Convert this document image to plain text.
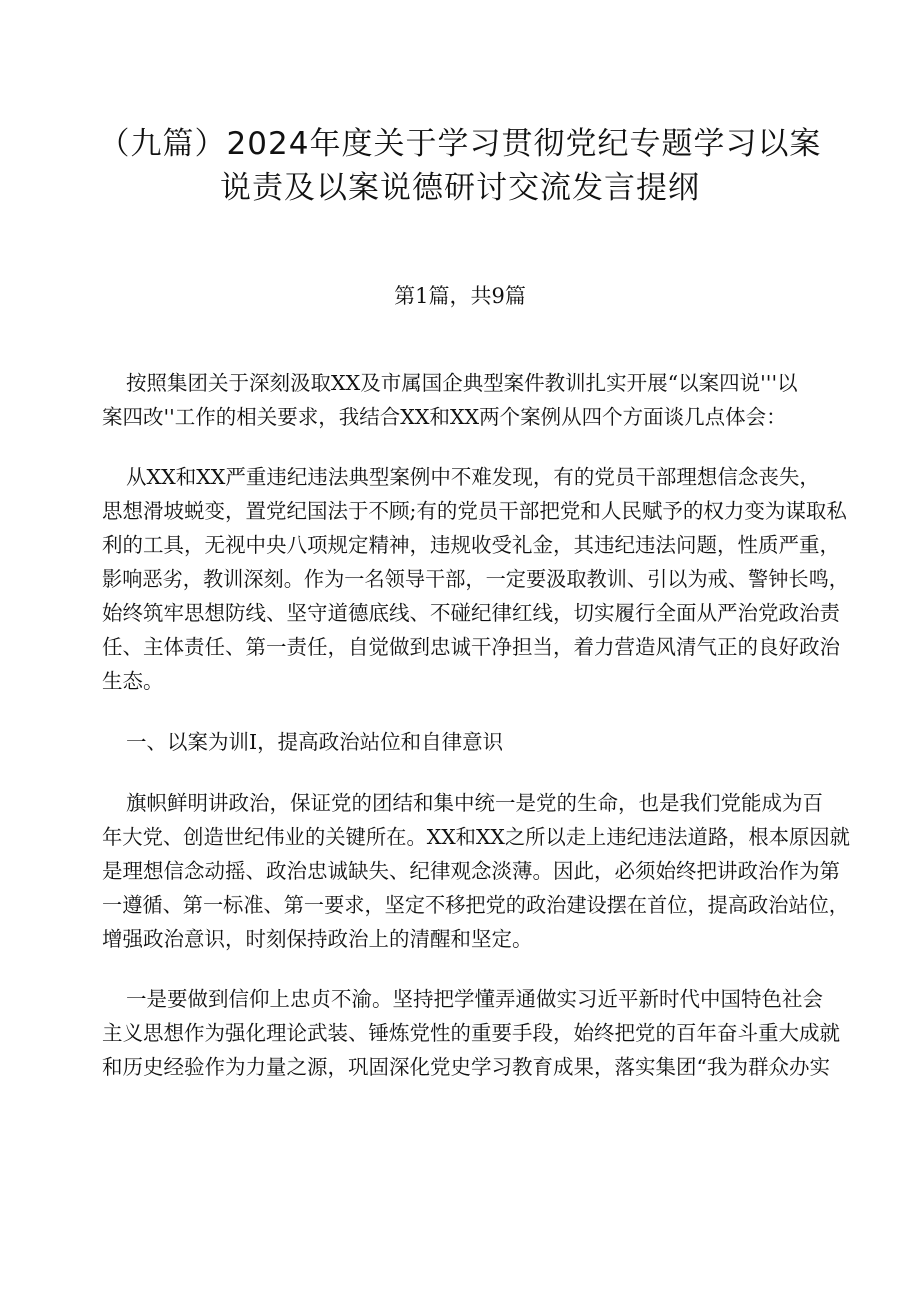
（九篇）2024年度关于学习贯彻党纪专题学习以案
说责及以案说德研讨交流发言提纲
第1篇，共9篇
按照集团关于深刻汲取XX及市属国企典型案件教训扎实开展“以案四说'''以
案四改''工作的相关要求，我结合XX和XX两个案例从四个方面谈几点体会：
从XX和XX严重违纪违法典型案例中不难发现，有的党员干部理想信念丧失，
思想滑坡蜕变，置党纪国法于不顾;有的党员干部把党和人民赋予的权力变为谋取私
利的工具，无视中央八项规定精神，违规收受礼金，其违纪违法问题，性质严重，
影响恶劣，教训深刻。作为一名领导干部，一定要汲取教训、引以为戒、警钟长鸣，
始终筑牢思想防线、坚守道德底线、不碰纪律红线，切实履行全面从严治党政治责
任、主体责任、第一责任，自觉做到忠诚干净担当，着力营造风清气正的良好政治
生态。
一、以案为训I，提高政治站位和自律意识
旗帜鲜明讲政治，保证党的团结和集中统一是党的生命，也是我们党能成为百
年大党、创造世纪伟业的关键所在。XX和XX之所以走上违纪违法道路，根本原因就
是理想信念动摇、政治忠诚缺失、纪律观念淡薄。因此，必须始终把讲政治作为第
一遵循、第一标准、第一要求，坚定不移把党的政治建设摆在首位，提高政治站位，
增强政治意识，时刻保持政治上的清醒和坚定。
一是要做到信仰上忠贞不渝。坚持把学懂弄通做实习近平新时代中国特色社会
主义思想作为强化理论武装、锤炼党性的重要手段，始终把党的百年奋斗重大成就
和历史经验作为力量之源，巩固深化党史学习教育成果，落实集团“我为群众办实
